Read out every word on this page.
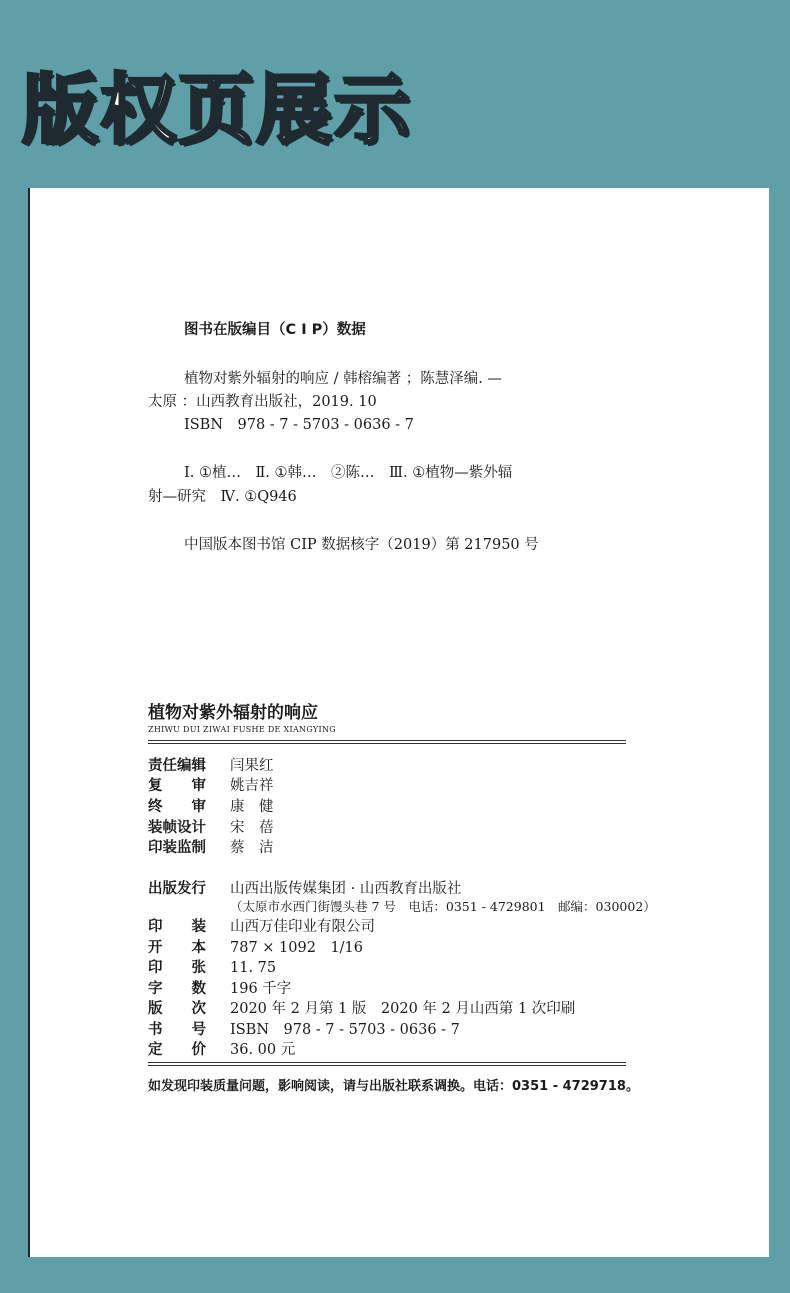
版权页展示
图书在版编目（C I P）数据
植物对紫外辐射的响应 / 韩榕编著 ；陈慧泽编. —
太原 ：山西教育出版社，2019. 10
ISBN　978 - 7 - 5703 - 0636 - 7
Ⅰ. ①植…　Ⅱ. ①韩…　②陈…　Ⅲ. ①植物—紫外辐
射—研究　Ⅳ. ①Q946
中国版本图书馆 CIP 数据核字（2019）第 217950 号
植物对紫外辐射的响应
ZHIWU DUI ZIWAI FUSHE DE XIANGYING
责任编辑 闫果红
复　　审 姚吉祥
终　　审 康　健
装帧设计 宋　蓓
印装监制 蔡　洁
出版发行 山西出版传媒集团 · 山西教育出版社
（太原市水西门街馒头巷 7 号　电话：0351 - 4729801　邮编：030002）
印　　装 山西万佳印业有限公司
开　　本 787 × 1092　1/16
印　　张 11. 75
字　　数 196 千字
版　　次 2020 年 2 月第 1 版　2020 年 2 月山西第 1 次印刷
书　　号 ISBN　978 - 7 - 5703 - 0636 - 7
定　　价 36. 00 元
如发现印装质量问题，影响阅读，请与出版社联系调换。电话：0351 - 4729718。
